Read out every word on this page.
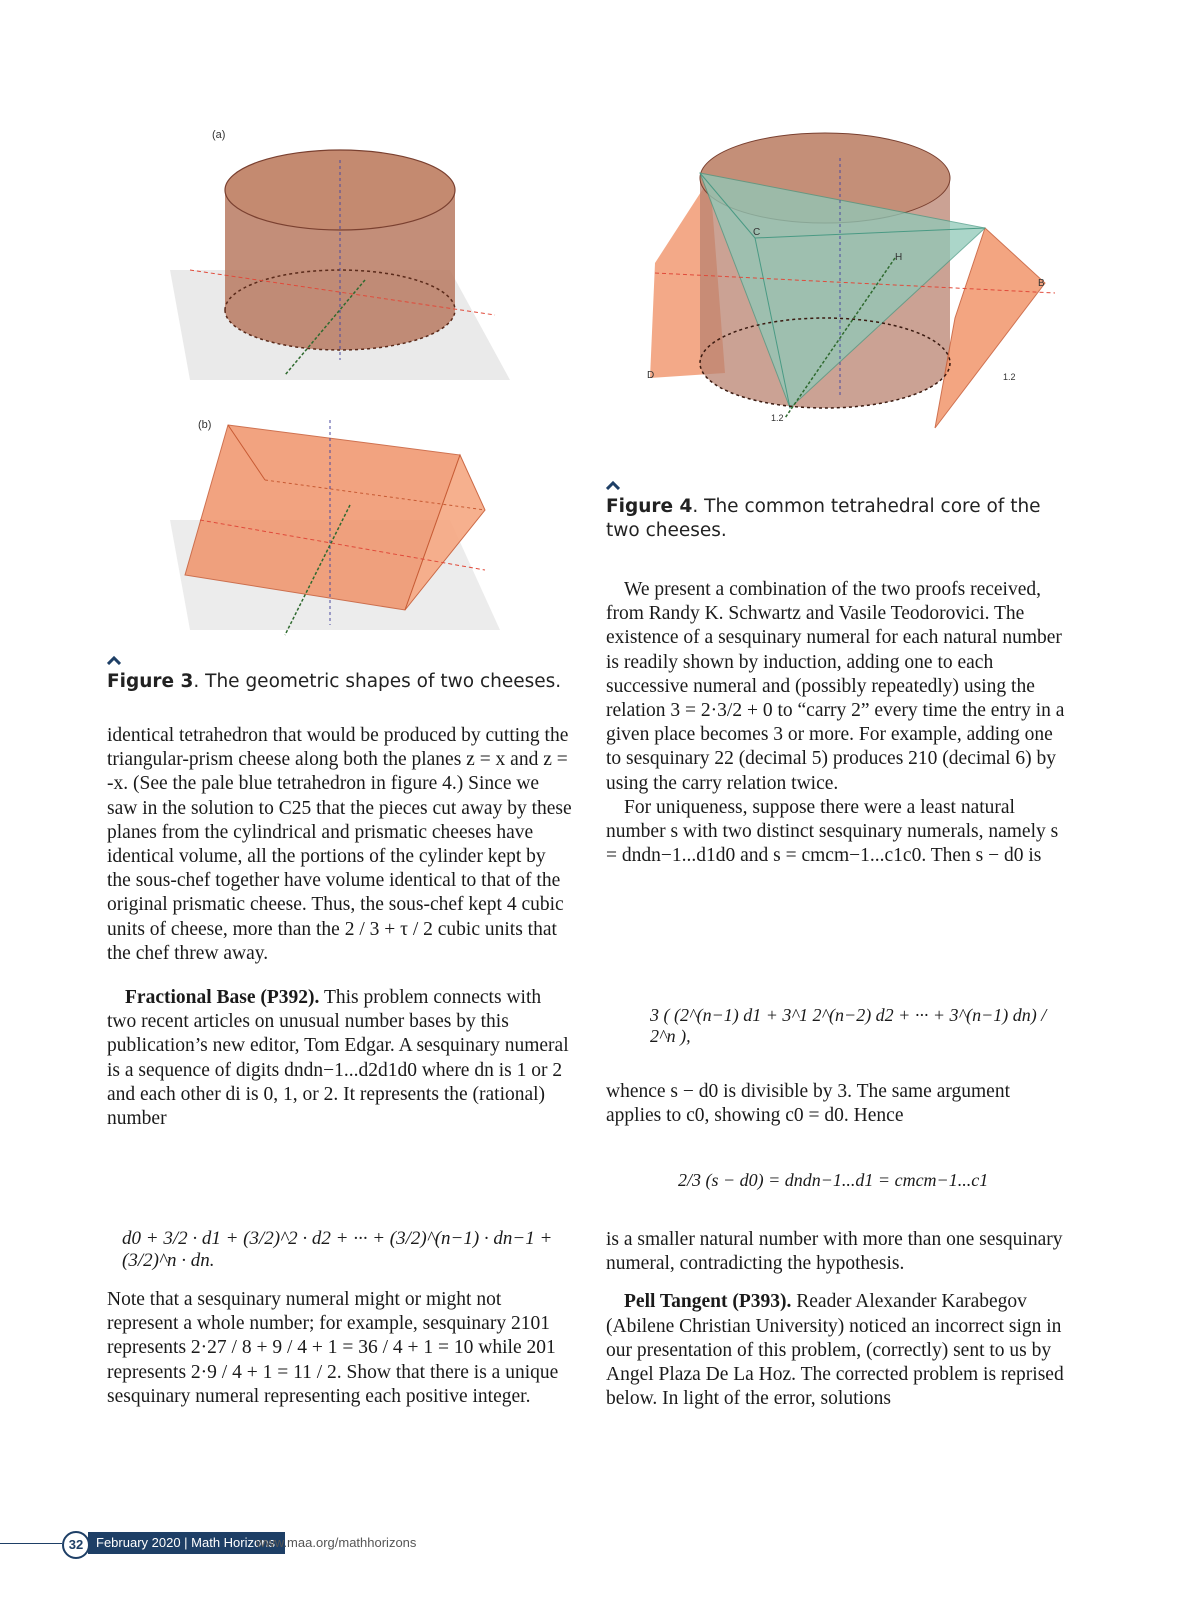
(a)
(b)
Figure 3. The geometric shapes of two cheeses.
C
H
B
D	1.2
1.2
Figure 4. The common tetrahedral core of the two cheeses.

identical tetrahedron that would be produced by cutting the triangular-prism cheese along both the planes z = x and z = -x. (See the pale blue tetrahedron in figure 4.) Since we saw in the solution to C25 that the pieces cut away by these planes from the cylindrical and prismatic cheeses have identical volume, all the portions of the cylinder kept by the sous-chef together have volume identical to that of the original prismatic cheese. Thus, the sous-chef kept 4 cubic units of cheese, more than the 2 / 3 + τ / 2 cubic units that the chef threw away.

Fractional Base (P392). This problem connects with two recent articles on unusual number bases by this publication’s new editor, Tom Edgar. A sesquinary numeral is a sequence of digits dndn−1...d2d1d0 where dn is 1 or 2 and each other di is 0, 1, or 2. It represents the (rational) number

d0 + 3/2 · d1 + (3/2)^2 · d2 + ··· + (3/2)^(n−1) · dn−1 + (3/2)^n · dn.

Note that a sesquinary numeral might or might not represent a whole number; for example, sesquinary 2101 represents 2·27 / 8 + 9 / 4 + 1 = 36 / 4 + 1 = 10 while 201 represents 2·9 / 4 + 1 = 11 / 2. Show that there is a unique sesquinary numeral representing each positive integer.

We present a combination of the two proofs received, from Randy K. Schwartz and Vasile Teodorovici. The existence of a sesquinary numeral for each natural number is readily shown by induction, adding one to each successive numeral and (possibly repeatedly) using the relation 3 = 2·3/2 + 0 to “carry 2” every time the entry in a given place becomes 3 or more. For example, adding one to sesquinary 22 (decimal 5) produces 210 (decimal 6) by using the carry relation twice.

For uniqueness, suppose there were a least natural number s with two distinct sesquinary numerals, namely s = dndn−1...d1d0 and s = cmcm−1...c1c0. Then s − d0 is

3 ( (2^(n−1) d1 + 3^1 2^(n−2) d2 + ··· + 3^(n−1) dn) / 2^n ),

whence s − d0 is divisible by 3. The same argument applies to c0, showing c0 = d0. Hence

2/3 (s − d0) = dndn−1...d1 = cmcm−1...c1

is a smaller natural number with more than one sesquinary numeral, contradicting the hypothesis.

Pell Tangent (P393). Reader Alexander Karabegov (Abilene Christian University) noticed an incorrect sign in our presentation of this problem, (correctly) sent to us by Angel Plaza De La Hoz. The corrected problem is reprised below. In light of the error, solutions

32 February 2020 | Math Horizons
www.maa.org/mathhorizons
